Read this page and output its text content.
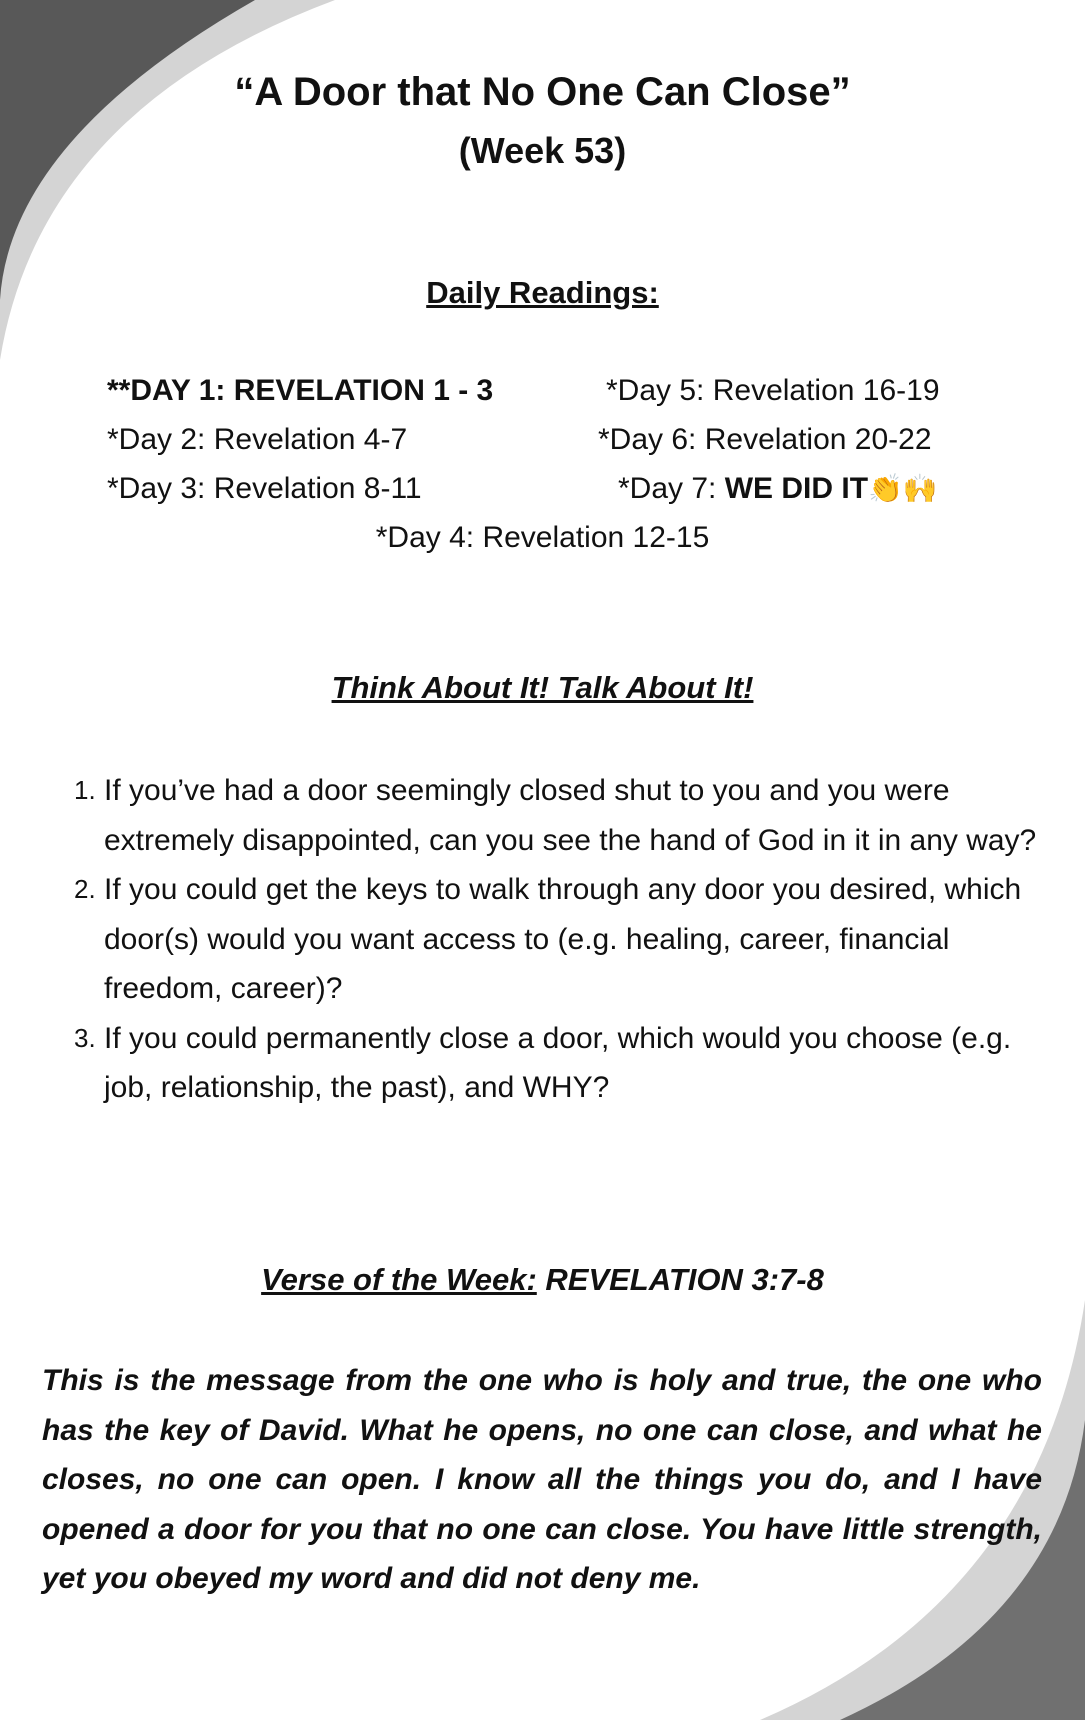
“A Door that No One Can Close”
(Week 53)
Daily Readings:
**DAY 1: REVELATION 1 - 3
*Day 2: Revelation 4-7
*Day 3: Revelation 8-11
*Day 4: Revelation 12-15
*Day 5: Revelation 16-19
*Day 6: Revelation 20-22
*Day 7: WE DID IT👏🙌
Think About It! Talk About It!
1. If you’ve had a door seemingly closed shut to you and you were extremely disappointed, can you see the hand of God in it in any way?
2. If you could get the keys to walk through any door you desired, which door(s) would you want access to (e.g. healing, career, financial freedom, career)?
3. If you could permanently close a door, which would you choose (e.g. job, relationship, the past), and WHY?
Verse of the Week: REVELATION 3:7-8

This is the message from the one who is holy and true, the one who has the key of David. What he opens, no one can close, and what he closes, no one can open. I know all the things you do, and I have opened a door for you that no one can close. You have little strength, yet you obeyed my word and did not deny me.
